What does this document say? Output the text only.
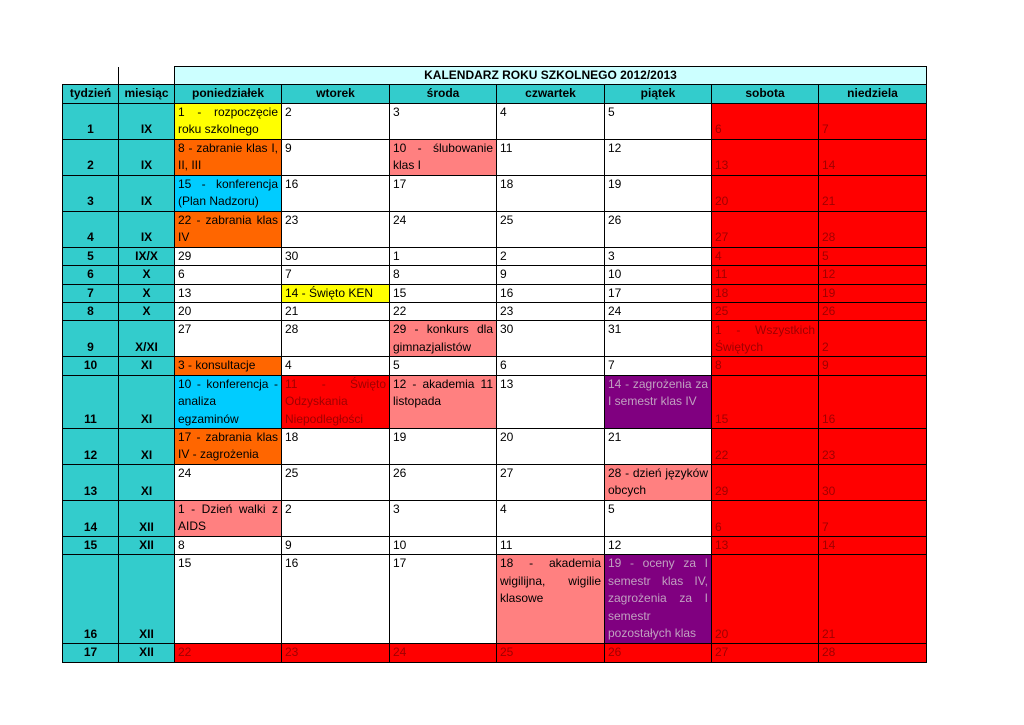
		KALENDARZ ROKU SZKOLNEGO 2012/2013						
tydzień	miesiąc	poniedziałek	wtorek	środa	czwartek	piątek	sobota	niedziela
1	IX	1 - rozpoczęcie roku szkolnego	2	3	4	5	6	7

2	IX	8 - zabranie klas I, II, III	9	10 - ślubowanie klas I	11	12	13	14

3	IX	15 - konferencja (Plan Nadzoru)	16	17	18	19	20	21

4	IX	22 - zabrania klas IV	23	24	25	26	27	28

5	IX/X	29	30	1	2	3	4	5

6	X	6	7	8	9	10	11	12

7	X	13	14 - Święto KEN	15	16	17	18	19

8	X	20	21	22	23	24	25	26

9	X/XI	27	28	29 - konkurs dla gimnazjalistów	30	31	1 - Wszystkich Świętych	2

10	XI	3 - konsultacje	4	5	6	7	8	9

11	XI	10 - konferencja - analiza egzaminów	11 - Święto Odzyskania Niepodległości	12 - akademia 11 listopada	13	14 - zagrożenia za I semestr klas IV	15	16

12	XI	17 - zabrania klas IV - zagrożenia	18	19	20	21	22	23

13	XI	24	25	26	27	28 - dzień języków obcych	29	30

14	XII	1 - Dzień walki z AIDS	2	3	4	5	6	7

15	XII	8	9	10	11	12	13	14

16	XII	15	16	17	18 - akademia wigilijna, wigilie klasowe	19 - oceny za I semestr klas IV, zagrożenia za I semestr pozostałych klas	20	21

17	XII	22	23	24	25	26	27	28
